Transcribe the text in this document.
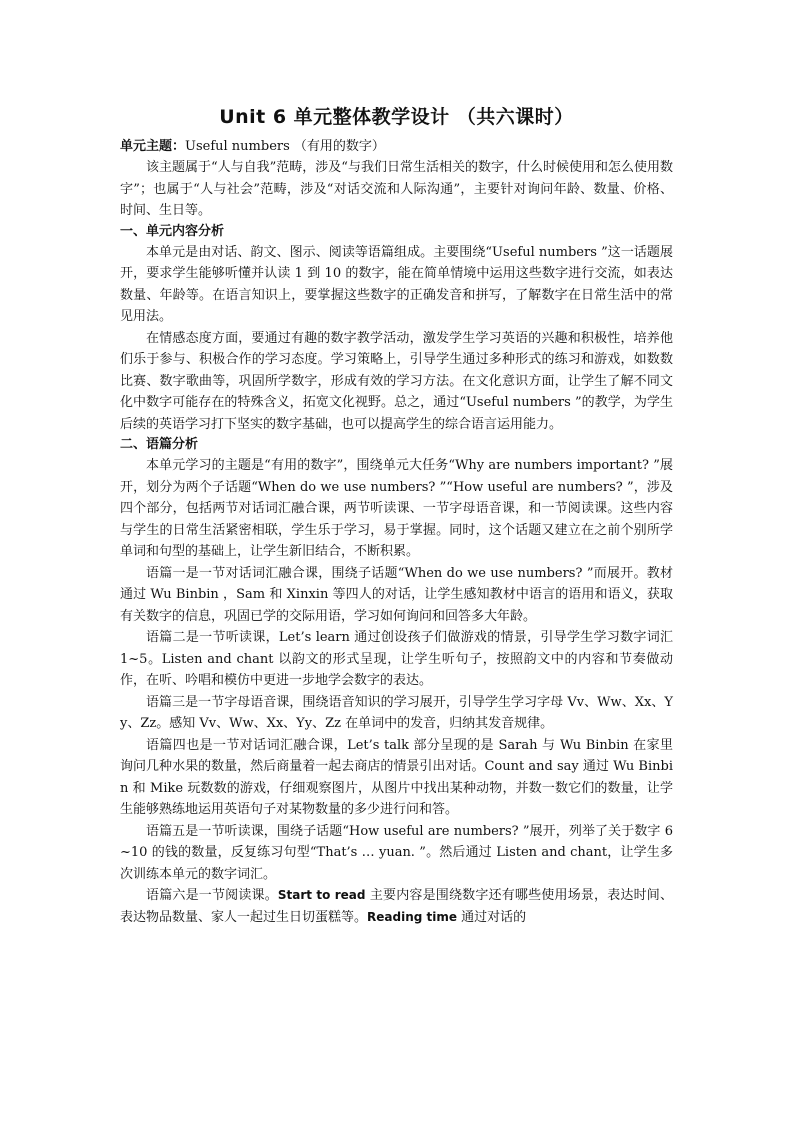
Unit 6 单元整体教学设计 （共六课时）

单元主题：Useful numbers （有用的数字）

该主题属于“人与自我”范畴，涉及“与我们日常生活相关的数字，什么时候使用和怎么使用数字”；也属于“人与社会”范畴，涉及“对话交流和人际沟通”，主要针对询问年龄、数量、价格、时间、生日等。

一、单元内容分析

本单元是由对话、韵文、图示、阅读等语篇组成。主要围绕“Useful numbers ”这一话题展开，要求学生能够听懂并认读 1 到 10 的数字，能在简单情境中运用这些数字进行交流，如表达数量、年龄等。在语言知识上，要掌握这些数字的正确发音和拼写，了解数字在日常生活中的常见用法。

在情感态度方面，要通过有趣的数字教学活动，激发学生学习英语的兴趣和积极性，培养他们乐于参与、积极合作的学习态度。学习策略上，引导学生通过多种形式的练习和游戏，如数数比赛、数字歌曲等，巩固所学数字，形成有效的学习方法。在文化意识方面，让学生了解不同文化中数字可能存在的特殊含义，拓宽文化视野。总之，通过“Useful numbers ”的教学，为学生后续的英语学习打下坚实的数字基础，也可以提高学生的综合语言运用能力。

二、语篇分析

本单元学习的主题是“有用的数字”，围绕单元大任务“Why are numbers important? ”展开，划分为两个子话题“When do we use numbers? ”“How useful are numbers? ”，涉及四个部分，包括两节对话词汇融合课，两节听读课、一节字母语音课，和一节阅读课。这些内容与学生的日常生活紧密相联，学生乐于学习，易于掌握。同时，这个话题又建立在之前个别所学单词和句型的基础上，让学生新旧结合，不断积累。

语篇一是一节对话词汇融合课，围绕子话题“When do we use numbers? ”而展开。教材通过 Wu Binbin ，Sam 和 Xinxin 等四人的对话，让学生感知教材中语言的语用和语义，获取有关数字的信息，巩固已学的交际用语，学习如何询问和回答多大年龄。

语篇二是一节听读课，Let’s learn 通过创设孩子们做游戏的情景，引导学生学习数字词汇 1~5。Listen and chant 以韵文的形式呈现，让学生听句子，按照韵文中的内容和节奏做动作，在听、吟唱和模仿中更进一步地学会数字的表达。

语篇三是一节字母语音课，围绕语音知识的学习展开，引导学生学习字母 Vv、Ww、Xx、Yy、Zz。感知 Vv、Ww、Xx、Yy、Zz 在单词中的发音，归纳其发音规律。

语篇四也是一节对话词汇融合课，Let’s talk 部分呈现的是 Sarah 与 Wu Binbin 在家里询问几种水果的数量，然后商量着一起去商店的情景引出对话。Count and say 通过 Wu Binbin 和 Mike 玩数数的游戏，仔细观察图片，从图片中找出某种动物，并数一数它们的数量，让学生能够熟练地运用英语句子对某物数量的多少进行问和答。

语篇五是一节听读课，围绕子话题“How useful are numbers? ”展开，列举了关于数字 6~10 的钱的数量，反复练习句型“That’s … yuan. ”。然后通过 Listen and chant，让学生多次训练本单元的数字词汇。

语篇六是一节阅读课。Start to read 主要内容是围绕数字还有哪些使用场景，表达时间、表达物品数量、家人一起过生日切蛋糕等。Reading time 通过对话的
